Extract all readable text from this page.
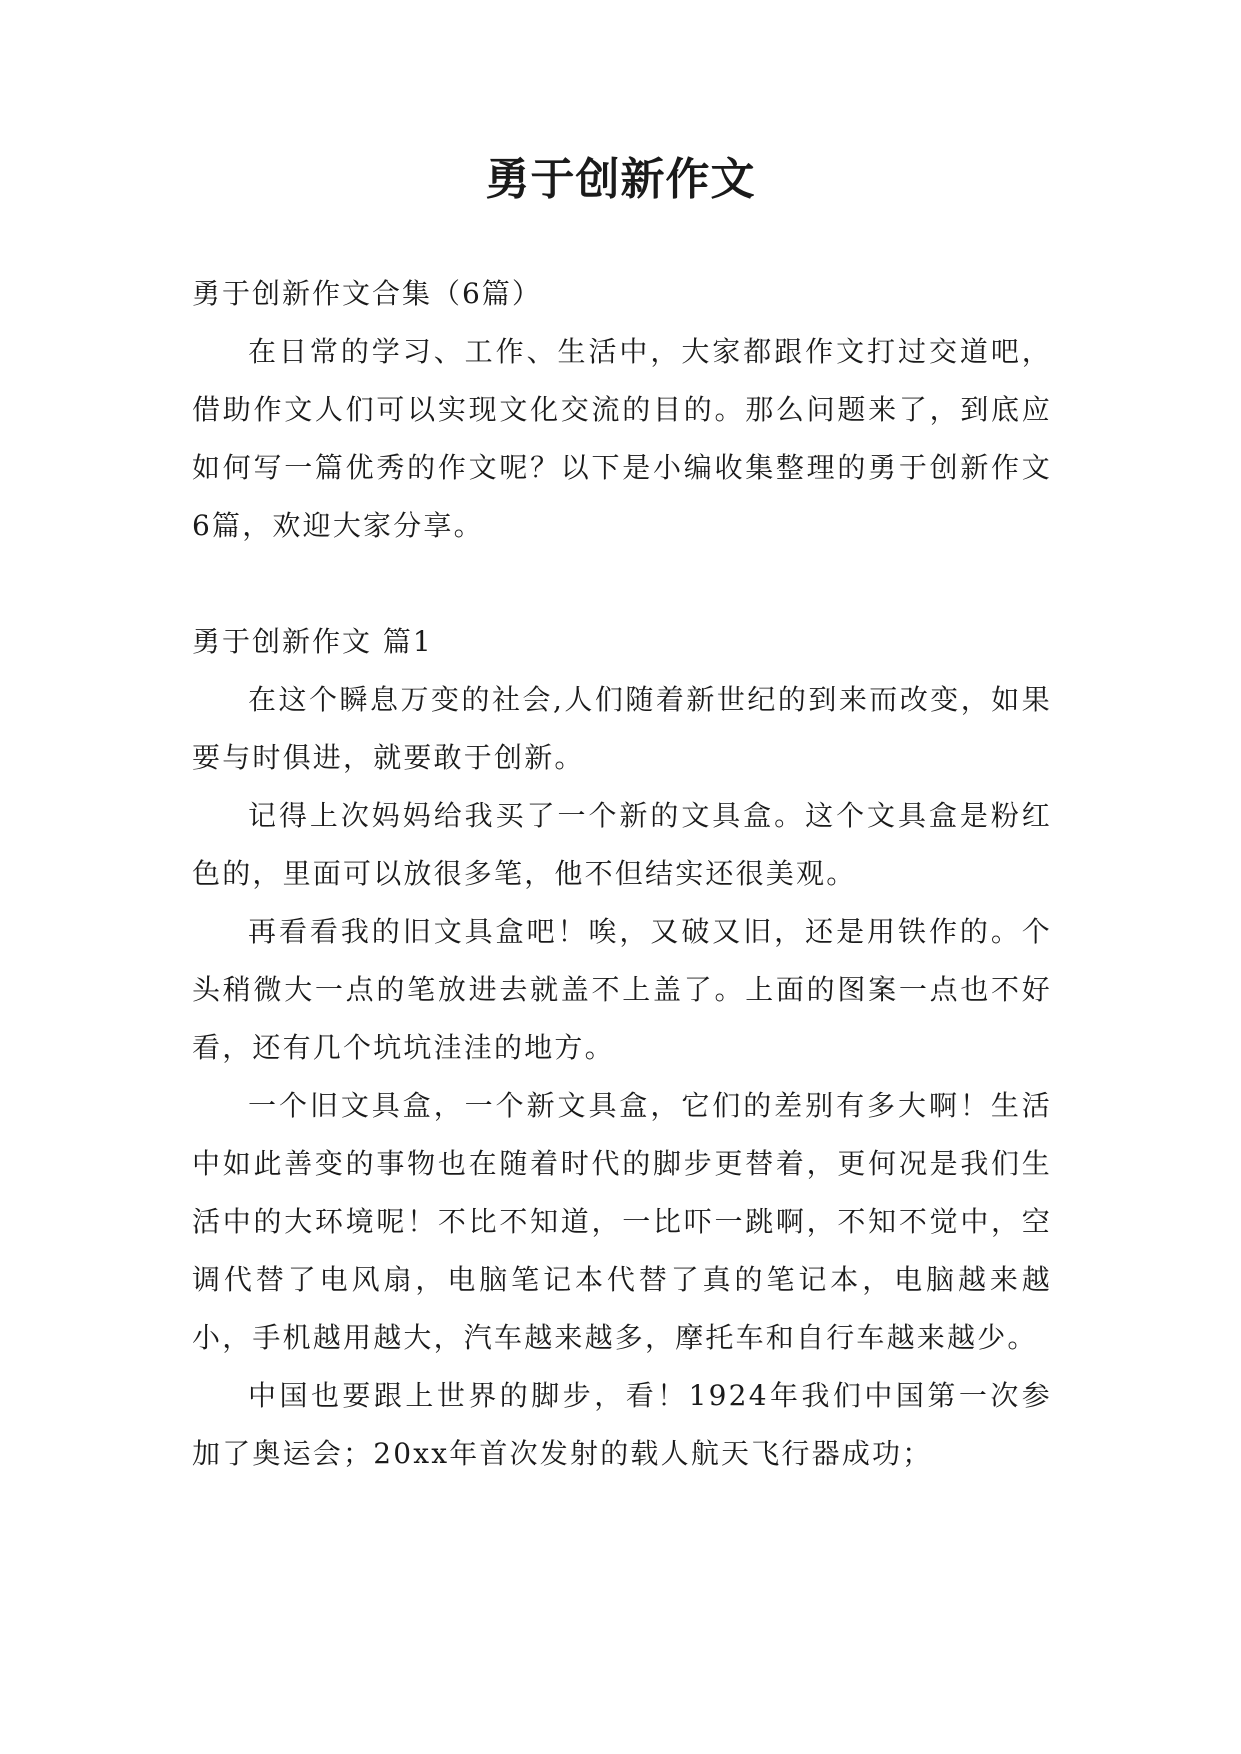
勇于创新作文

勇于创新作文合集（6篇）

在日常的学习、工作、生活中，大家都跟作文打过交道吧，借助作文人们可以实现文化交流的目的。那么问题来了，到底应如何写一篇优秀的作文呢？以下是小编收集整理的勇于创新作文6篇，欢迎大家分享。

勇于创新作文 篇1

在这个瞬息万变的社会,人们随着新世纪的到来而改变，如果要与时俱进，就要敢于创新。

记得上次妈妈给我买了一个新的文具盒。这个文具盒是粉红色的，里面可以放很多笔，他不但结实还很美观。

再看看我的旧文具盒吧！唉，又破又旧，还是用铁作的。个头稍微大一点的笔放进去就盖不上盖了。上面的图案一点也不好看，还有几个坑坑洼洼的地方。

一个旧文具盒，一个新文具盒，它们的差别有多大啊！生活中如此善变的事物也在随着时代的脚步更替着，更何况是我们生活中的大环境呢！不比不知道，一比吓一跳啊，不知不觉中，空调代替了电风扇，电脑笔记本代替了真的笔记本，电脑越来越小，手机越用越大，汽车越来越多，摩托车和自行车越来越少。

中国也要跟上世界的脚步，看！1924年我们中国第一次参加了奥运会；20xx年首次发射的载人航天飞行器成功；
